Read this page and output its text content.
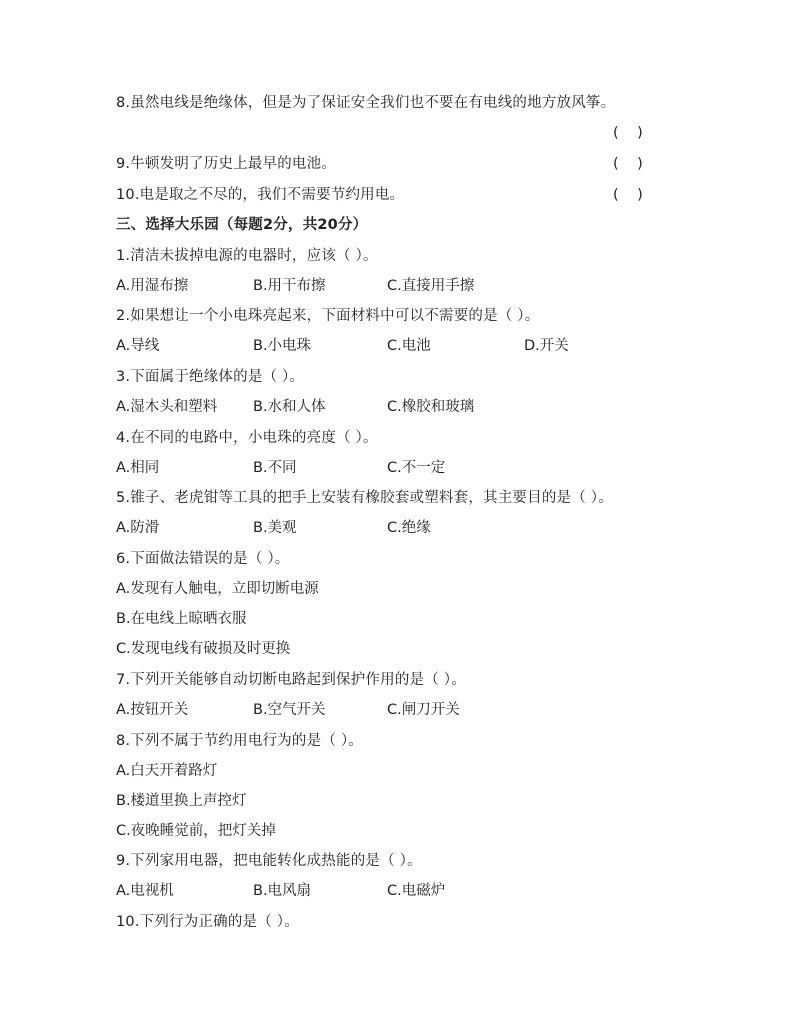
8.虽然电线是绝缘体，但是为了保证安全我们也不要在有电线的地方放风筝。
(    )
9.牛顿发明了历史上最早的电池。	(    )
10.电是取之不尽的，我们不需要节约用电。	(    )
三、选择大乐园（每题2分，共20分）
1.清洁未拔掉电源的电器时，应该（ ）。
A.用湿布擦	B.用干布擦	C.直接用手擦
2.如果想让一个小电珠亮起来，下面材料中可以不需要的是（ ）。
A.导线	B.小电珠	C.电池	D.开关
3.下面属于绝缘体的是（ ）。
A.湿木头和塑料 B.水和人体	C.橡胶和玻璃
4.在不同的电路中，小电珠的亮度（ ）。
A.相同	B.不同	C.不一定
5.锥子、老虎钳等工具的把手上安装有橡胶套或塑料套，其主要目的是（ ）。
A.防滑	B.美观	C.绝缘
6.下面做法错误的是（ ）。
A.发现有人触电，立即切断电源
B.在电线上晾晒衣服
C.发现电线有破损及时更换
7.下列开关能够自动切断电路起到保护作用的是（ ）。
A.按钮开关	B.空气开关	C.闸刀开关
8.下列不属于节约用电行为的是（ ）。
A.白天开着路灯
B.楼道里换上声控灯
C.夜晚睡觉前，把灯关掉
9.下列家用电器，把电能转化成热能的是（ ）。
A.电视机	B.电风扇	C.电磁炉
10.下列行为正确的是（ ）。
